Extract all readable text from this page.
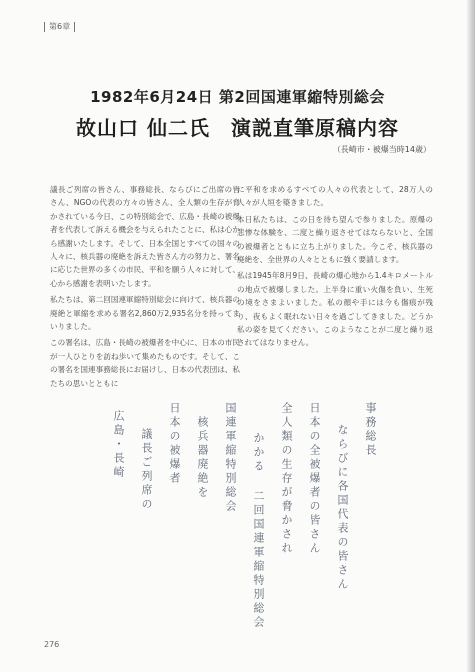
第6章
1982年6月24日 第2回国連軍縮特別総会
故山口 仙二氏　演説直筆原稿内容
（長崎市・被爆当時14歳）

議長ご列席の皆さん、事務総長、ならびにご出席の皆さん、NGOの代表の方々の皆さん、全人類の生存が脅かされている今日、この特別総会で、広島・長崎の被爆者を代表して訴える機会を与えられたことに、私は心から感謝いたします。そして、日本全国とすべての国々の人々に、核兵器の廃絶を訴えた皆さん方の努力と、署名に応じた世界の多くの市民、平和を願う人々に対して、心から感謝を表明いたします。

私たちは、第二回国連軍縮特別総会に向けて、核兵器の廃絶と軍縮を求める署名2,860万2,935名分を持ってまいりました。

この署名は、広島・長崎の被爆者を中心に、日本の市民が一人ひとりを訪ね歩いて集めたものです。そして、この署名を国連事務総長にお届けし、日本の代表団は、私たちの思いとともに

に平和を求めるすべての人々の代表として、28万人の人々が人垣を築きました。

本日私たちは、この日を待ち望んで参りました。原爆の悲惨な体験を、二度と繰り返させてはならないと、全国の被爆者とともに立ち上がりました。今こそ、核兵器の廃絶を、全世界の人々とともに強く要請します。

私は1945年8月9日、長崎の爆心地から1.4キロメートルの地点で被爆しました。上半身に重い火傷を負い、生死の境をさまよいました。私の顔や手には今も傷痕が残り、夜もよく眠れない日々を過ごしてきました。どうか私の姿を見てください。このようなことが二度と繰り返されてはなりません。

事務総長
ならびに各国代表の皆さん
日本の全被爆者の皆さん
全人類の生存が脅かされ
かかる 二回国連軍縮特別総会
国連軍縮特別総会
核兵器廃絶を
日本の被爆者
議長ご列席の
広島・長崎
276
